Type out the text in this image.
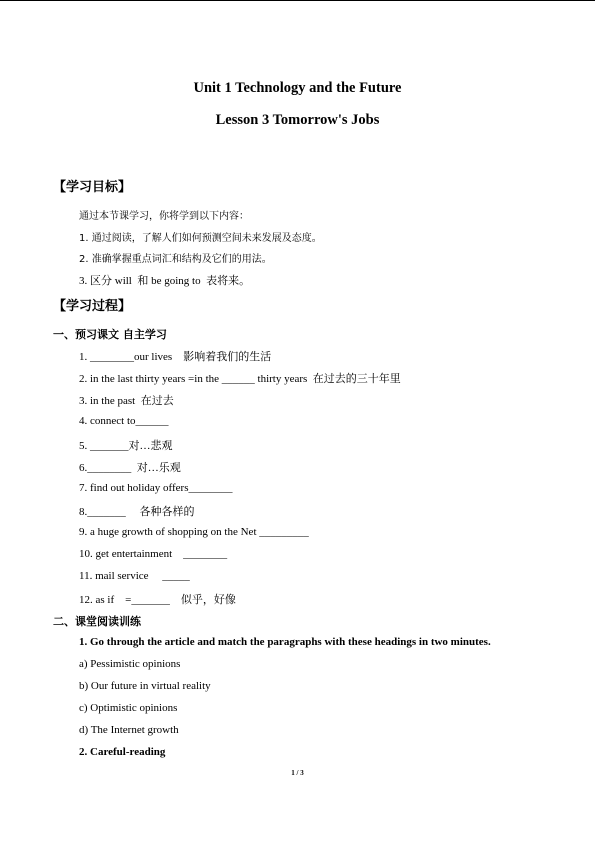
Unit 1 Technology and the Future
Lesson 3 Tomorrow's Jobs
【学习目标】
通过本节课学习，你将学到以下内容：
1. 通过阅读，了解人们如何预测空间未来发展及态度。
2. 准确掌握重点词汇和结构及它们的用法。
3. 区分 will  和 be going to  表将来。
【学习过程】
一、预习课文 自主学习
1. ________our lives    影响着我们的生活
2. in the last thirty years =in the ______ thirty years  在过去的三十年里
3. in the past  在过去
4. connect to______
5. _______对…悲观
6.________  对…乐观
7. find out holiday offers________
8._______     各种各样的
9. a huge growth of shopping on the Net _________
10. get entertainment    ________
11. mail service     _____
12. as if    =_______    似乎，好像
二、课堂阅读训练
1. Go through the article and match the paragraphs with these headings in two minutes.
a) Pessimistic opinions
b) Our future in virtual reality
c) Optimistic opinions
d) The Internet growth
2. Careful-reading
1 / 3
